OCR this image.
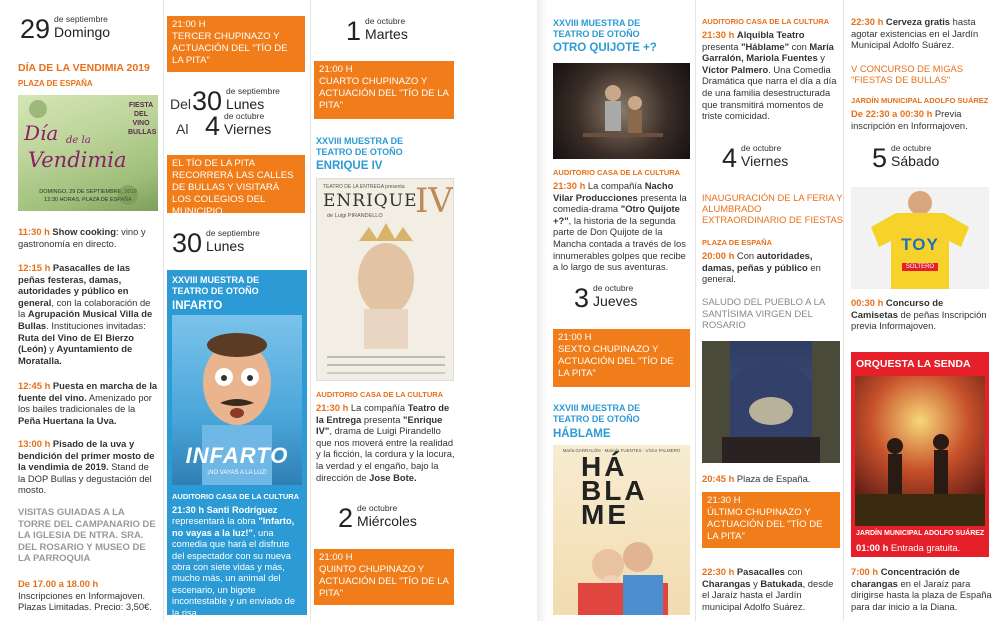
29 de septiembre
Domingo
DÍA DE LA VENDIMIA 2019
PLAZA DE ESPAÑA
Día de la
Vendimia
FIESTA DEL VINO BULLAS
DOMINGO, 29 DE SEPTIEMBRE, 2019
12:30 HORAS, PLAZA DE ESPAÑA
11:30 h Show cooking: vino y gastronomía en directo.
12:15 h Pasacalles de las peñas festeras, damas, autoridades y público en general, con la colaboración de la Agrupación Musical Villa de Bullas. Instituciones invitadas: Ruta del Vino de El Bierzo (León) y Ayuntamiento de Moratalla.
12:45 h Puesta en marcha de la fuente del vino. Amenizado por los bailes tradicionales de la Peña Huertana la Uva.
13:00 h Pisado de la uva y bendición del primer mosto de la vendimia de 2019. Stand de la DOP Bullas y degustación del mosto.
VISITAS GUIADAS A LA TORRE DEL CAMPANARIO DE LA IGLESIA DE NTRA. SRA. DEL ROSARIO Y MUSEO DE LA PARROQUIA
De 17.00 a 18.00 h
Inscripciones en Informajoven. Plazas Limitadas. Precio: 3,50€.
21:00 H
TERCER CHUPINAZO Y ACTUACIÓN DEL "TÍO DE LA PITA"
Del 30 de septiembre
Lunes
Al 4 de octubre
Viernes
EL TÍO DE LA PITA RECORRERÁ LAS CALLES DE BULLAS Y VISITARÁ LOS COLEGIOS DEL MUNICIPIO
30 de septiembre
Lunes
XXVIII MUESTRA DE TEATRO DE OTOÑO
INFARTO
INFARTO
¡NO VAYAS A LA LUZ!
AUDITORIO CASA DE LA CULTURA
21:30 h Santi Rodríguez representará la obra "Infarto, no vayas a la luz!", una comedia que hará el disfrute del espectador con su nueva obra con siete vidas y más, mucho más, un animal del escenario, un bigote incontestable y un enviado de la risa.
1 de octubre
Martes
21:00 H
CUARTO CHUPINAZO Y ACTUACIÓN DEL "TÍO DE LA PITA"
XXVIII MUESTRA DE TEATRO DE OTOÑO
ENRIQUE IV
TEATRO DE LA ENTREGA presenta
ENRIQUE
IV
de Luigi PIRANDELLO
AUDITORIO CASA DE LA CULTURA
21:30 h La compañía Teatro de la Entrega presenta "Enrique IV", drama de Luigi Pirandello que nos moverá entre la realidad y la ficción, la cordura y la locura, la verdad y el engaño, bajo la dirección de Jose Bote.
2 de octubre
Miércoles
21:00 H
QUINTO CHUPINAZO Y ACTUACIÓN DEL "TÍO DE LA PITA"
XXVIII MUESTRA DE TEATRO DE OTOÑO
OTRO QUIJOTE +?
AUDITORIO CASA DE LA CULTURA
21:30 h La compañía Nacho Vilar Producciones presenta la comedia-drama "Otro Quijote +?", la historia de la segunda parte de Don Quijote de la Mancha contada a través de los innumerables golpes que recibe a lo largo de sus aventuras.
3 de octubre
Jueves
21:00 H
SEXTO CHUPINAZO Y ACTUACIÓN DEL "TÍO DE LA PITA"
XXVIII MUESTRA DE TEATRO DE OTOÑO
HÁBLAME
María GARRALÓN · Mariola FUENTES · Víctor PALMERO
HÁ
BLA
ME
AUDITORIO CASA DE LA CULTURA
21:30 h Alquibla Teatro presenta "Háblame" con María Garralón, Mariola Fuentes y Víctor Palmero. Una Comedia Dramática que narra el día a día de una familia desestructurada que transmitirá momentos de triste comicidad.
4 de octubre
Viernes
INAUGURACIÓN DE LA FERIA Y ALUMBRADO EXTRAORDINARIO DE FIESTAS
PLAZA DE ESPAÑA
20:00 h Con autoridades, damas, peñas y público en general.
SALUDO DEL PUEBLO A LA SANTÍSIMA VIRGEN DEL ROSARIO
20:45 h Plaza de España.
21:30 H
ÚLTIMO CHUPINAZO Y ACTUACIÓN DEL "TÍO DE LA PITA"
22:30 h Pasacalles con Charangas y Batukada, desde el Jaraíz hasta el Jardín municipal Adolfo Suárez.
22:30 h Cerveza gratis hasta agotar existencias en el Jardín Municipal Adolfo Suárez.
V CONCURSO DE MIGAS "FIESTAS DE BULLAS"
JARDÍN MUNICIPAL ADOLFO SUÁREZ
De 22:30 a 00:30 h Previa inscripción en Informajoven.
5 de octubre
Sábado
TOY
SOLTERO
00:30 h Concurso de Camisetas de peñas Inscripción previa Informajoven.
ORQUESTA LA SENDA
JARDÍN MUNICIPAL ADOLFO SUÁREZ
01:00 h Entrada gratuita.
7:00 h Concentración de charangas en el Jaraíz para dirigirse hasta la plaza de España para dar inicio a la Diana.
